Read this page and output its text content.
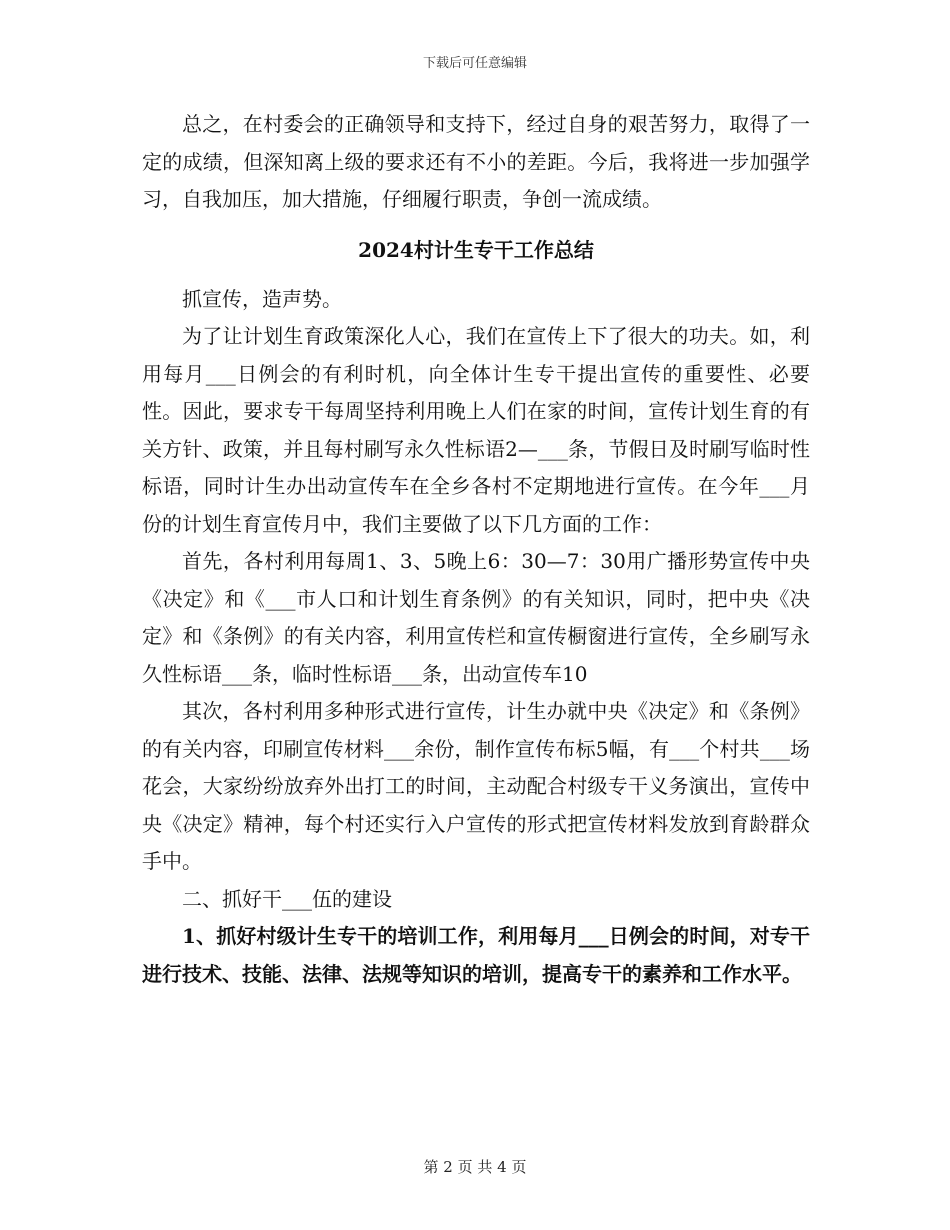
下载后可任意编辑

总之，在村委会的正确领导和支持下，经过自身的艰苦努力，取得了一定的成绩，但深知离上级的要求还有不小的差距。今后，我将进一步加强学习，自我加压，加大措施，仔细履行职责，争创一流成绩。

2024村计生专干工作总结

抓宣传，造声势。

为了让计划生育政策深化人心，我们在宣传上下了很大的功夫。如，利用每月___日例会的有利时机，向全体计生专干提出宣传的重要性、必要性。因此，要求专干每周坚持利用晚上人们在家的时间，宣传计划生育的有关方针、政策，并且每村刷写永久性标语2—___条，节假日及时刷写临时性标语，同时计生办出动宣传车在全乡各村不定期地进行宣传。在今年___月份的计划生育宣传月中，我们主要做了以下几方面的工作：

首先，各村利用每周1、3、5晚上6：30—7：30用广播形势宣传中央《决定》和《___市人口和计划生育条例》的有关知识，同时，把中央《决定》和《条例》的有关内容，利用宣传栏和宣传橱窗进行宣传，全乡刷写永久性标语___条，临时性标语___条，出动宣传车10

其次，各村利用多种形式进行宣传，计生办就中央《决定》和《条例》的有关内容，印刷宣传材料___余份，制作宣传布标5幅，有___个村共___场花会，大家纷纷放弃外出打工的时间，主动配合村级专干义务演出，宣传中央《决定》精神，每个村还实行入户宣传的形式把宣传材料发放到育龄群众手中。

二、抓好干___伍的建设

1、抓好村级计生专干的培训工作，利用每月___日例会的时间，对专干进行技术、技能、法律、法规等知识的培训，提高专干的素养和工作水平。

第 2 页 共 4 页
